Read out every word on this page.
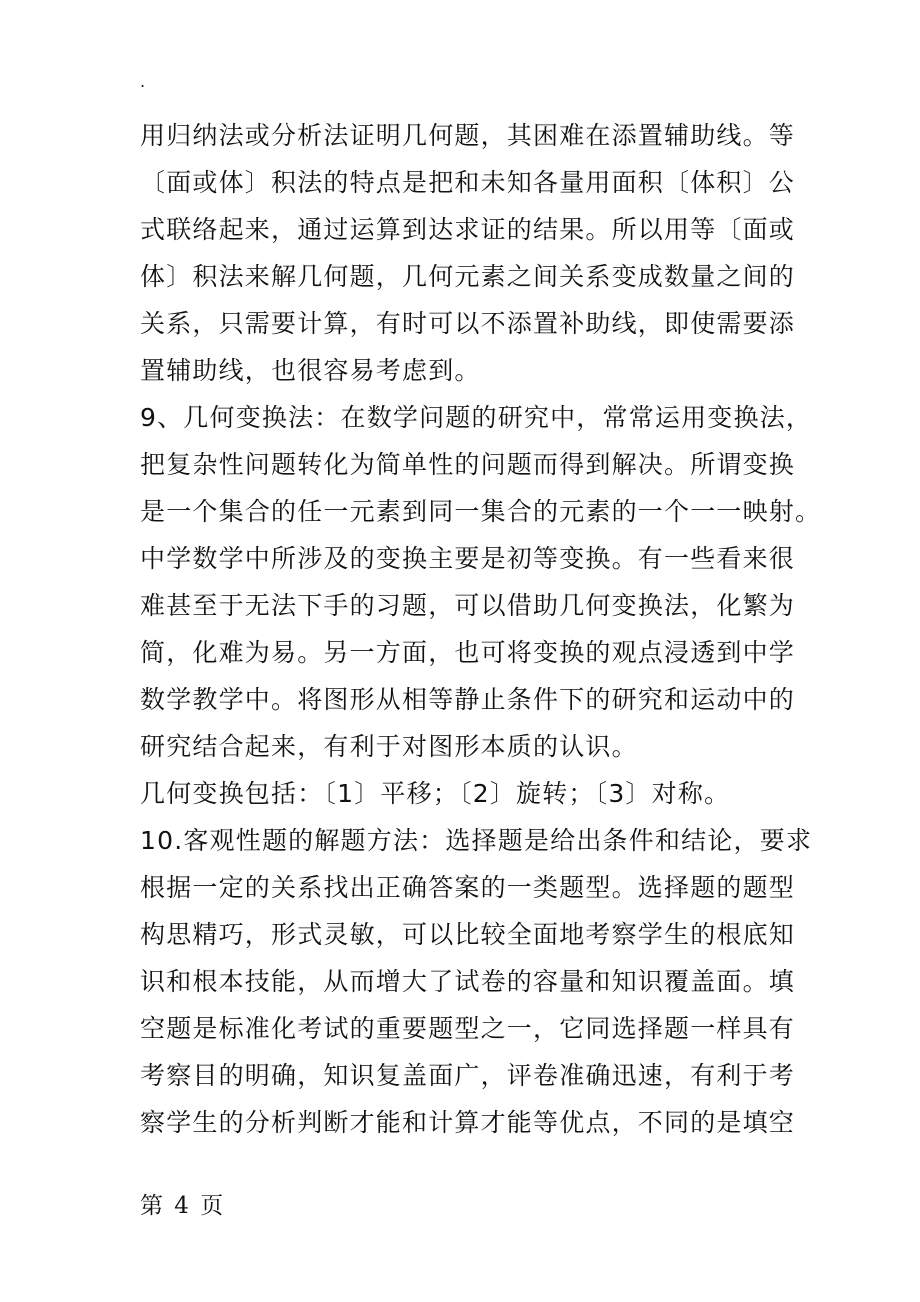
.
用归纳法或分析法证明几何题，其困难在添置辅助线。等
〔面或体〕积法的特点是把和未知各量用面积〔体积〕公
式联络起来，通过运算到达求证的结果。所以用等〔面或
体〕积法来解几何题，几何元素之间关系变成数量之间的
关系，只需要计算，有时可以不添置补助线，即使需要添
置辅助线，也很容易考虑到。
9、几何变换法：在数学问题的研究中，常常运用变换法，
把复杂性问题转化为简单性的问题而得到解决。所谓变换
是一个集合的任一元素到同一集合的元素的一个一一映射。
中学数学中所涉及的变换主要是初等变换。有一些看来很
难甚至于无法下手的习题，可以借助几何变换法，化繁为
简，化难为易。另一方面，也可将变换的观点浸透到中学
数学教学中。将图形从相等静止条件下的研究和运动中的
研究结合起来，有利于对图形本质的认识。
几何变换包括：〔1〕平移；〔2〕旋转；〔3〕对称。
10.客观性题的解题方法：选择题是给出条件和结论，要求
根据一定的关系找出正确答案的一类题型。选择题的题型
构思精巧，形式灵敏，可以比较全面地考察学生的根底知
识和根本技能，从而增大了试卷的容量和知识覆盖面。填
空题是标准化考试的重要题型之一，它同选择题一样具有
考察目的明确，知识复盖面广，评卷准确迅速，有利于考
察学生的分析判断才能和计算才能等优点，不同的是填空
第 4 页
